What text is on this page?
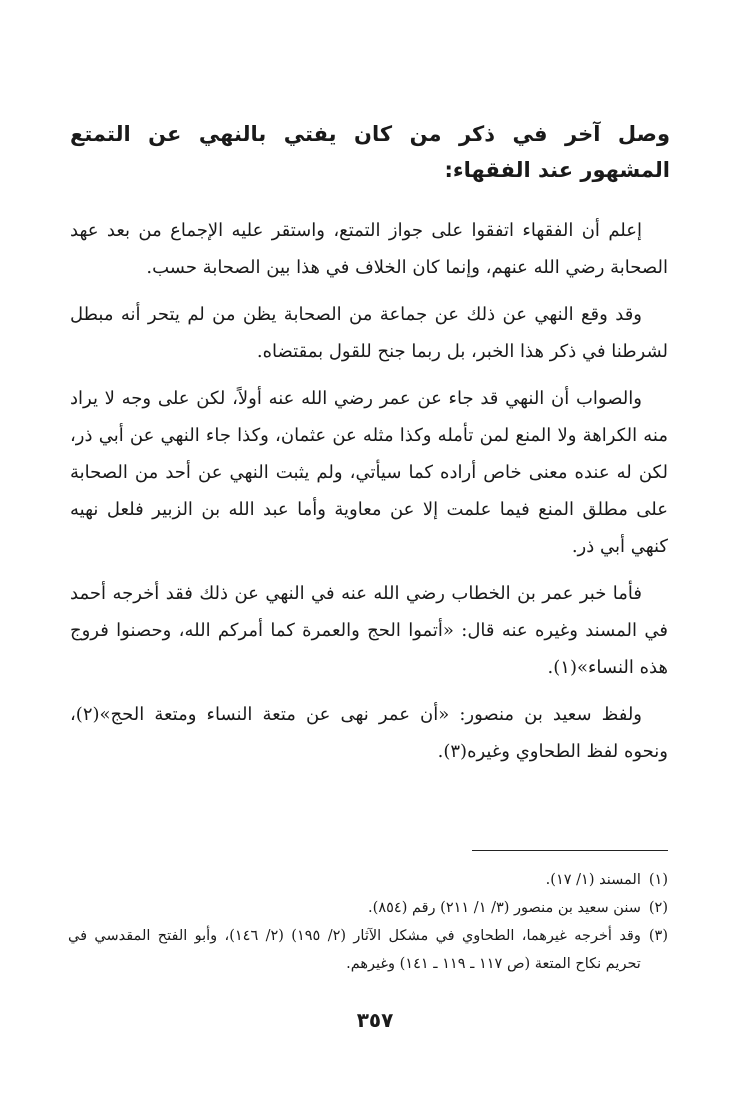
وصل آخر في ذكر من كان يفتي بالنهي عن التمتع المشهور عند الفقهاء:

إعلم أن الفقهاء اتفقوا على جواز التمتع، واستقر عليه الإجماع من بعد عهد الصحابة رضي الله عنهم، وإنما كان الخلاف في هذا بين الصحابة حسب.

وقد وقع النهي عن ذلك عن جماعة من الصحابة يظن من لم يتحر أنه مبطل لشرطنا في ذكر هذا الخبر، بل ربما جنح للقول بمقتضاه.

والصواب أن النهي قد جاء عن عمر رضي الله عنه أولاً، لكن على وجه لا يراد منه الكراهة ولا المنع لمن تأمله وكذا مثله عن عثمان، وكذا جاء النهي عن أبي ذر، لكن له عنده معنى خاص أراده كما سيأتي، ولم يثبت النهي عن أحد من الصحابة على مطلق المنع فيما علمت إلا عن معاوية وأما عبد الله بن الزبير فلعل نهيه كنهي أبي ذر.

فأما خبر عمر بن الخطاب رضي الله عنه في النهي عن ذلك فقد أخرجه أحمد في المسند وغيره عنه قال: «أتموا الحج والعمرة كما أمركم الله، وحصنوا فروج هذه النساء»(١).

ولفظ سعيد بن منصور: «أن عمر نهى عن متعة النساء ومتعة الحج»(٢)، ونحوه لفظ الطحاوي وغيره(٣).

(١)
المسند (١/ ١٧).
(٢)
سنن سعيد بن منصور (٣/ ١/ ٢١١) رقم (٨٥٤).
(٣)
وقد أخرجه غيرهما، الطحاوي في مشكل الآثار (٢/ ١٩٥) (٢/ ١٤٦)، وأبو الفتح المقدسي في تحريم نكاح المتعة (ص ١١٧ ـ ١١٩ ـ ١٤١) وغيرهم.
٣٥٧
